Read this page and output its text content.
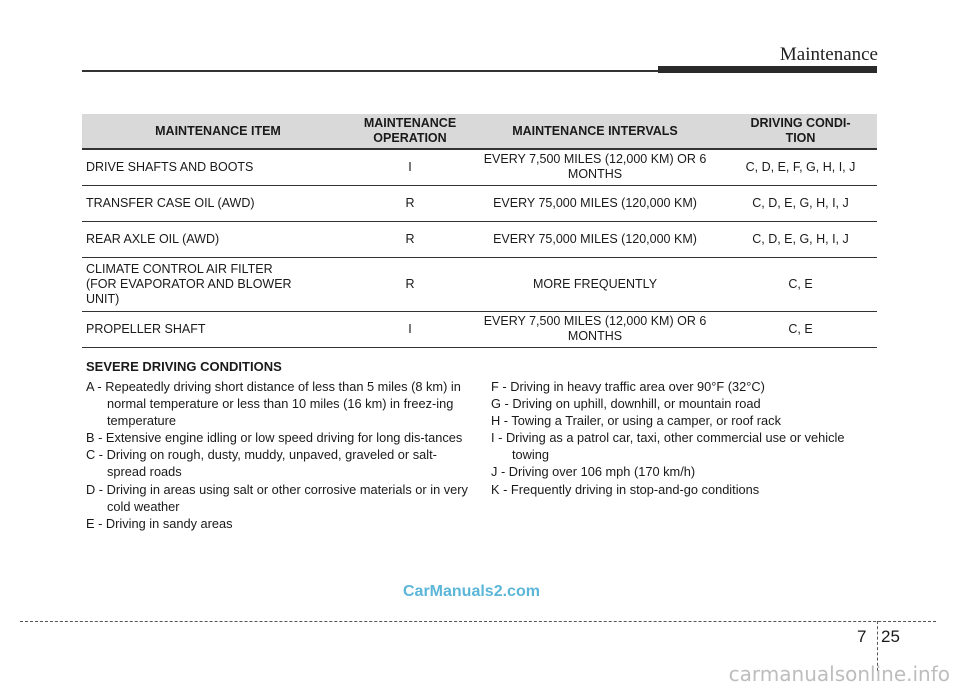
Maintenance
MAINTENANCE ITEM	MAINTENANCE OPERATION	MAINTENANCE INTERVALS	DRIVING CONDI-TION
DRIVE SHAFTS AND BOOTS	I	EVERY 7,500 MILES (12,000 KM) OR 6 MONTHS	C, D, E, F, G, H, I, J
TRANSFER CASE OIL (AWD)	R	EVERY 75,000 MILES (120,000 KM)	C, D, E, G, H, I, J
REAR AXLE OIL (AWD)	R	EVERY 75,000 MILES (120,000 KM)	C, D, E, G, H, I, J

CLIMATE CONTROL AIR FILTER
(FOR EVAPORATOR AND BLOWER
UNIT)	R	MORE FREQUENTLY	C, E
PROPELLER SHAFT	I	EVERY 7,500 MILES (12,000 KM) OR 6 MONTHS	C, E
SEVERE DRIVING CONDITIONS
A - Repeatedly driving short distance of less than 5 miles (8 km) in normal temperature or less than 10 miles (16 km) in freez-ing temperature
B - Extensive engine idling or low speed driving for long dis-tances
C - Driving on rough, dusty, muddy, unpaved, graveled or salt-spread roads
D - Driving in areas using salt or other corrosive materials or in very cold weather
E - Driving in sandy areas
F - Driving in heavy traffic area over 90°F (32°C)
G - Driving on uphill, downhill, or mountain road
H - Towing a Trailer, or using a camper, or roof rack
I - Driving as a patrol car, taxi, other commercial use or vehicle towing
J - Driving over 106 mph (170 km/h)
K - Frequently driving in stop-and-go conditions
CarManuals2.com
7 25
carmanualsonline.info
